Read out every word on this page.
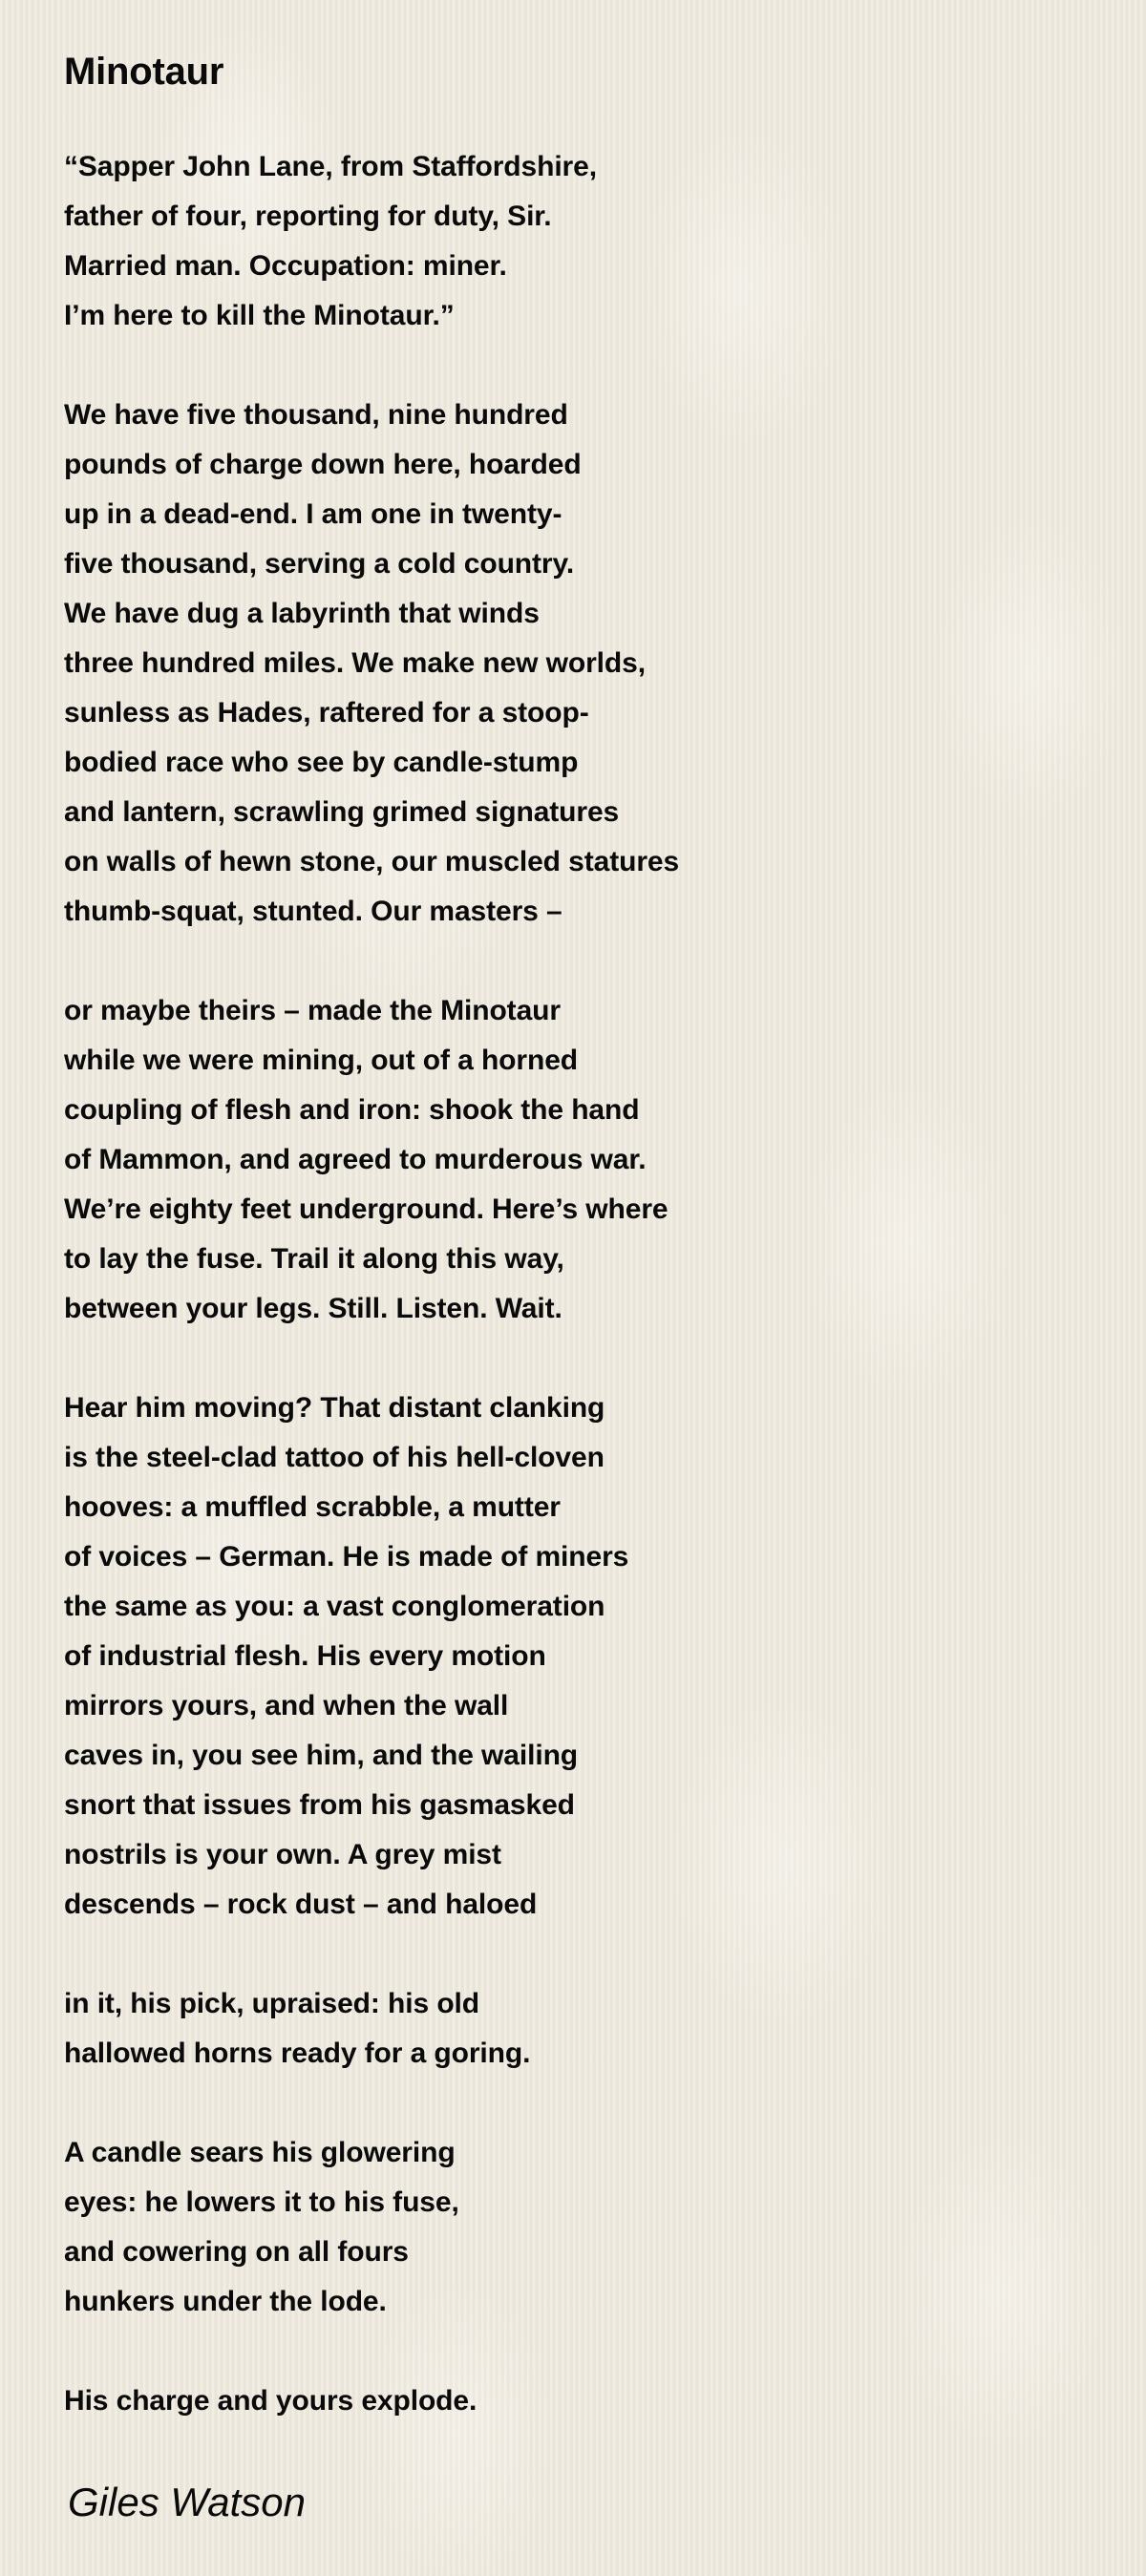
Minotaur
“Sapper John Lane, from Staffordshire,
father of four, reporting for duty, Sir.
Married man. Occupation: miner.
I’m here to kill the Minotaur.”
We have five thousand, nine hundred
pounds of charge down here, hoarded
up in a dead-end. I am one in twenty-
five thousand, serving a cold country.
We have dug a labyrinth that winds
three hundred miles. We make new worlds,
sunless as Hades, raftered for a stoop-
bodied race who see by candle-stump
and lantern, scrawling grimed signatures
on walls of hewn stone, our muscled statures
thumb-squat, stunted. Our masters –
or maybe theirs – made the Minotaur
while we were mining, out of a horned
coupling of flesh and iron: shook the hand
of Mammon, and agreed to murderous war.
We’re eighty feet underground. Here’s where
to lay the fuse. Trail it along this way,
between your legs. Still. Listen. Wait.
Hear him moving? That distant clanking
is the steel-clad tattoo of his hell-cloven
hooves: a muffled scrabble, a mutter
of voices – German. He is made of miners
the same as you: a vast conglomeration
of industrial flesh. His every motion
mirrors yours, and when the wall
caves in, you see him, and the wailing
snort that issues from his gasmasked
nostrils is your own. A grey mist
descends – rock dust – and haloed
in it, his pick, upraised: his old
hallowed horns ready for a goring.
A candle sears his glowering
eyes: he lowers it to his fuse,
and cowering on all fours
hunkers under the lode.
His charge and yours explode.

Giles Watson
